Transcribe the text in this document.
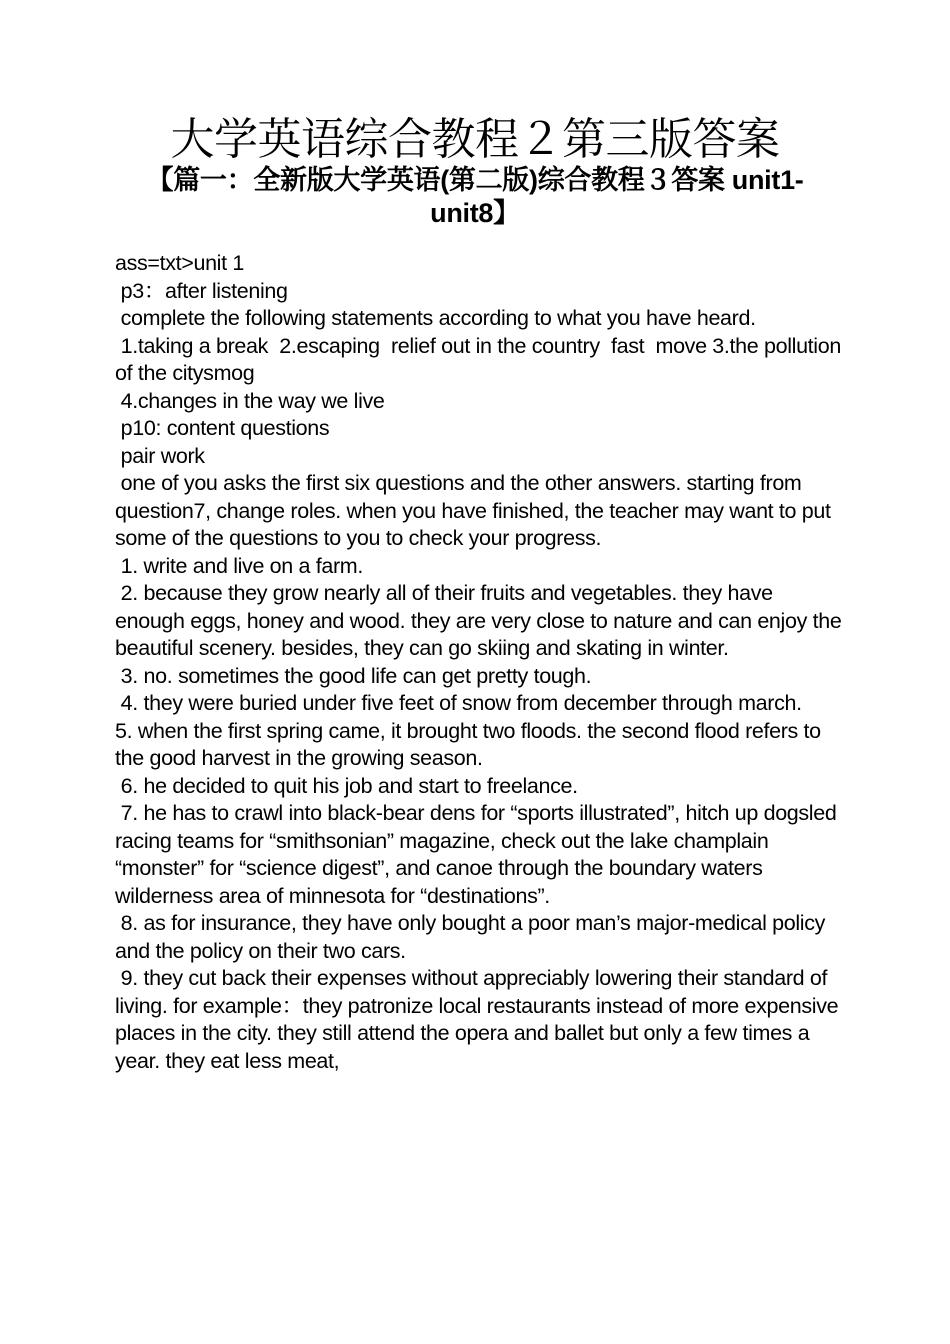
大学英语综合教程２第三版答案
【篇一：全新版大学英语(第二版)综合教程３答案 unit1-unit8】

ass=txt>unit 1

p3：after listening

complete the following statements according to what you have heard.

1.taking a break  2.escaping  relief out in the country  fast  move 3.the pollution of the citysmog

4.changes in the way we live

p10: content questions

pair work

one of you asks the first six questions and the other answers. starting from question7, change roles. when you have finished, the teacher may want to put some of the questions to you to check your progress.

1. write and live on a farm.

2. because they grow nearly all of their fruits and vegetables. they have enough eggs, honey and wood. they are very close to nature and can enjoy the beautiful scenery. besides, they can go skiing and skating in winter.

3. no. sometimes the good life can get pretty tough.

4. they were buried under five feet of snow from december through march.

5. when the first spring came, it brought two floods. the second flood refers to the good harvest in the growing season.

6. he decided to quit his job and start to freelance.

7. he has to crawl into black-bear dens for “sports illustrated”, hitch up dogsled racing teams for “smithsonian” magazine, check out the lake champlain “monster” for “science digest”, and canoe through the boundary waters wilderness area of minnesota for “destinations”.

8. as for insurance, they have only bought a poor man’s major-medical policy and the policy on their two cars.

9. they cut back their expenses without appreciably lowering their standard of living. for example：they patronize local restaurants instead of more expensive places in the city. they still attend the opera and ballet but only a few times a year. they eat less meat,
